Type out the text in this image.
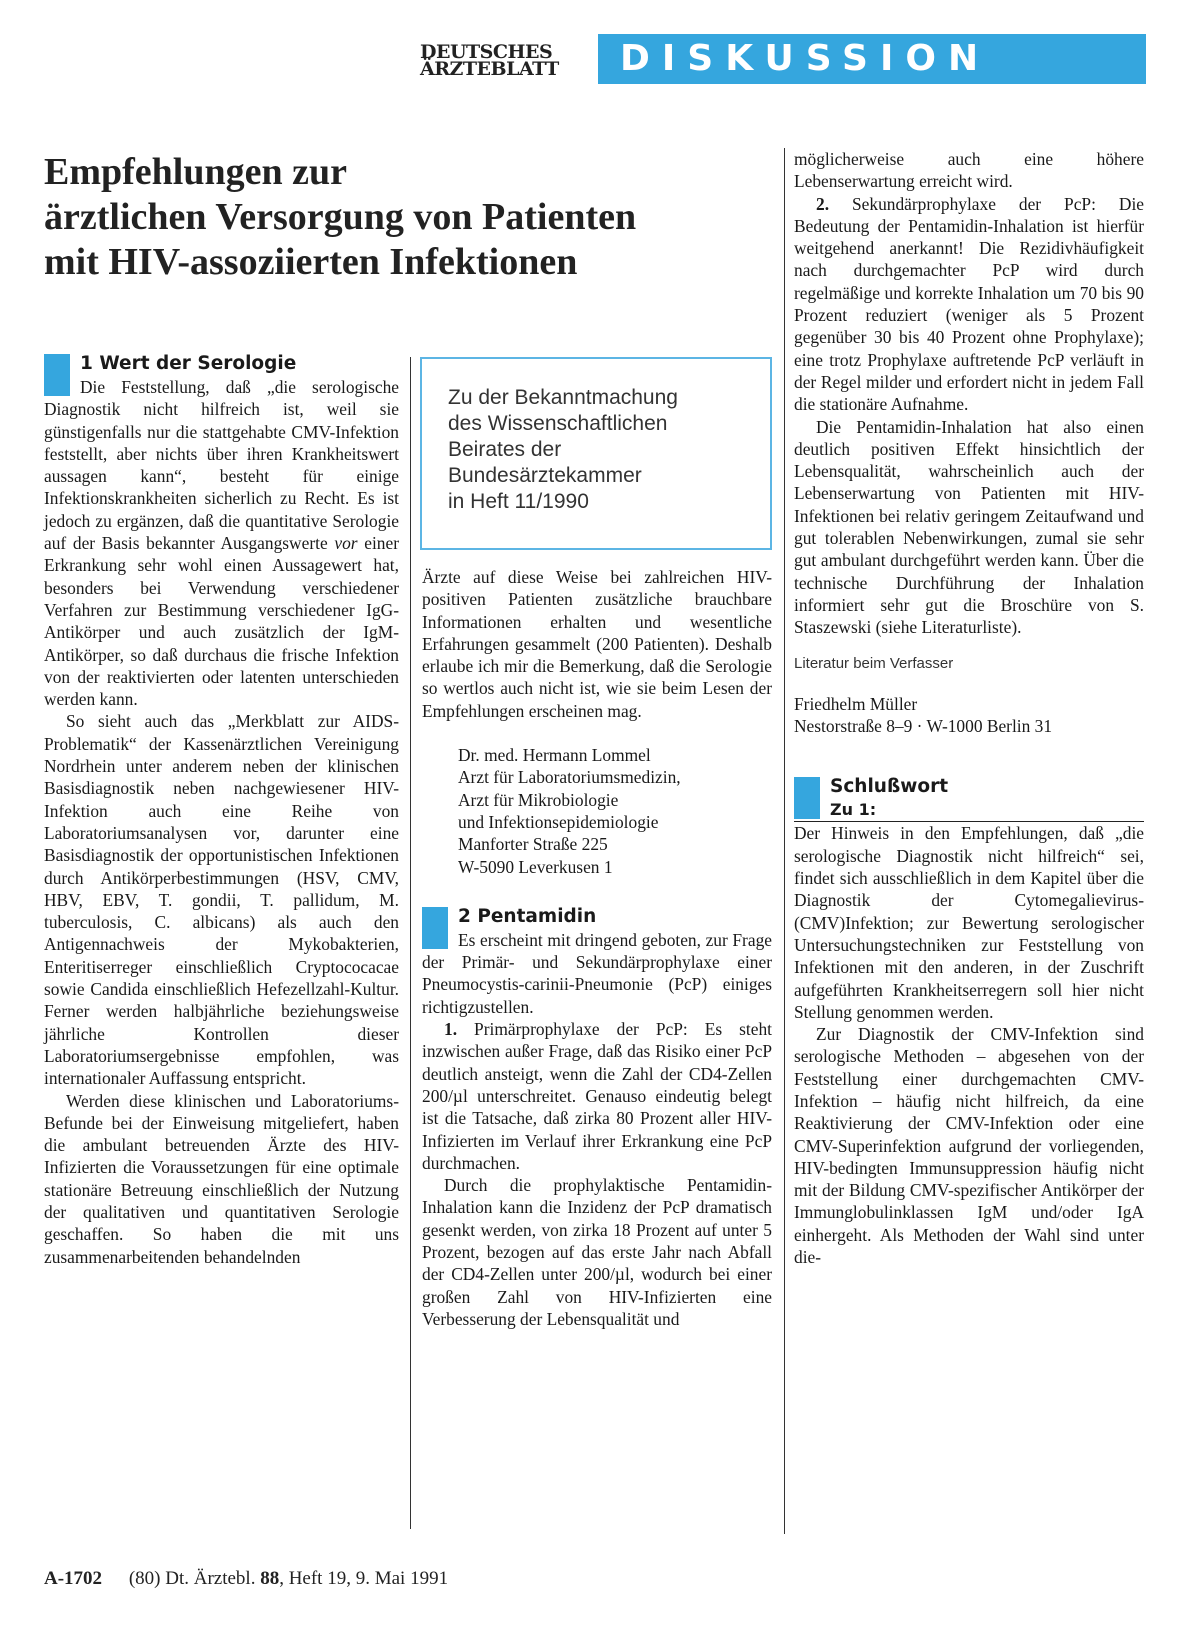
DEUTSCHES
ÄRZTEBLATT	DISKUSSION
Empfehlungen zur
ärztlichen Versorgung von Patienten
mit HIV-assoziierten Infektionen

1 Wert der Serologie

Die Feststellung, daß „die serologische Diagnostik nicht hilfreich ist, weil sie günstigenfalls nur die stattgehabte CMV-Infektion feststellt, aber nichts über ihren Krankheitswert aussagen kann“, besteht für einige Infektionskrankheiten sicherlich zu Recht. Es ist jedoch zu ergänzen, daß die quantitative Serologie auf der Basis bekannter Ausgangswerte vor einer Erkrankung sehr wohl einen Aussagewert hat, besonders bei Verwendung verschiedener Verfahren zur Bestimmung verschiedener IgG-Antikörper und auch zusätzlich der IgM-Antikörper, so daß durchaus die frische Infektion von der reaktivierten oder latenten unterschieden werden kann.

So sieht auch das „Merkblatt zur AIDS-Problematik“ der Kassenärztlichen Vereinigung Nordrhein unter anderem neben der klinischen Basisdiagnostik neben nachgewiesener HIV-Infektion auch eine Reihe von Laboratoriumsanalysen vor, darunter eine Basisdiagnostik der opportunistischen Infektionen durch Antikörperbestimmungen (HSV, CMV, HBV, EBV, T. gondii, T. pallidum, M. tuberculosis, C. albicans) als auch den Antigennachweis der Mykobakterien, Enteritiserreger einschließlich Cryptococacae sowie Candida einschließlich Hefezellzahl-Kultur. Ferner werden halbjährliche beziehungsweise jährliche Kontrollen dieser Laboratoriumsergebnisse empfohlen, was internationaler Auffassung entspricht.

Werden diese klinischen und Laboratoriums-Befunde bei der Einweisung mitgeliefert, haben die ambulant betreuenden Ärzte des HIV-Infizierten die Voraussetzungen für eine optimale stationäre Betreuung einschließlich der Nutzung der qualitativen und quantitativen Serologie geschaffen. So haben die mit uns zusammenarbeitenden behandelnden

Zu der Bekanntmachung
des Wissenschaftlichen
Beirates der
Bundesärztekammer
in Heft 11/1990

Ärzte auf diese Weise bei zahlreichen HIV-positiven Patienten zusätzliche brauchbare Informationen erhalten und wesentliche Erfahrungen gesammelt (200 Patienten). Deshalb erlaube ich mir die Bemerkung, daß die Serologie so wertlos auch nicht ist, wie sie beim Lesen der Empfehlungen erscheinen mag.

Dr. med. Hermann Lommel
Arzt für Laboratoriumsmedizin,
Arzt für Mikrobiologie
und Infektionsepidemiologie
Manforter Straße 225
W-5090 Leverkusen 1

2 Pentamidin

Es erscheint mit dringend geboten, zur Frage der Primär- und Sekundärprophylaxe einer Pneumocystis-carinii-Pneumonie (PcP) einiges richtigzustellen.

1. Primärprophylaxe der PcP: Es steht inzwischen außer Frage, daß das Risiko einer PcP deutlich ansteigt, wenn die Zahl der CD4-Zellen 200/µl unterschreitet. Genauso eindeutig belegt ist die Tatsache, daß zirka 80 Prozent aller HIV-Infizierten im Verlauf ihrer Erkrankung eine PcP durchmachen.

Durch die prophylaktische Pentamidin-Inhalation kann die Inzidenz der PcP dramatisch gesenkt werden, von zirka 18 Prozent auf unter 5 Prozent, bezogen auf das erste Jahr nach Abfall der CD4-Zellen unter 200/µl, wodurch bei einer großen Zahl von HIV-Infizierten eine Verbesserung der Lebensqualität und

möglicherweise auch eine höhere Lebenserwartung erreicht wird.

2. Sekundärprophylaxe der PcP: Die Bedeutung der Pentamidin-Inhalation ist hierfür weitgehend anerkannt! Die Rezidivhäufigkeit nach durchgemachter PcP wird durch regelmäßige und korrekte Inhalation um 70 bis 90 Prozent reduziert (weniger als 5 Prozent gegenüber 30 bis 40 Prozent ohne Prophylaxe); eine trotz Prophylaxe auftretende PcP verläuft in der Regel milder und erfordert nicht in jedem Fall die stationäre Aufnahme.

Die Pentamidin-Inhalation hat also einen deutlich positiven Effekt hinsichtlich der Lebensqualität, wahrscheinlich auch der Lebenserwartung von Patienten mit HIV-Infektionen bei relativ geringem Zeitaufwand und gut tolerablen Nebenwirkungen, zumal sie sehr gut ambulant durchgeführt werden kann. Über die technische Durchführung der Inhalation informiert sehr gut die Broschüre von S. Staszewski (siehe Literaturliste).

Literatur beim Verfasser

Friedhelm Müller
Nestorstraße 8–9 · W-1000 Berlin 31

Schlußwort

Zu 1:

Der Hinweis in den Empfehlungen, daß „die serologische Diagnostik nicht hilfreich“ sei, findet sich ausschließlich in dem Kapitel über die Diagnostik der Cytomegalievirus-(CMV)Infektion; zur Bewertung serologischer Untersuchungstechniken zur Feststellung von Infektionen mit den anderen, in der Zuschrift aufgeführten Krankheitserregern soll hier nicht Stellung genommen werden.

Zur Diagnostik der CMV-Infektion sind serologische Methoden – abgesehen von der Feststellung einer durchgemachten CMV-Infektion – häufig nicht hilfreich, da eine Reaktivierung der CMV-Infektion oder eine CMV-Superinfektion aufgrund der vorliegenden, HIV-bedingten Immunsuppression häufig nicht mit der Bildung CMV-spezifischer Antikörper der Immunglobulinklassen IgM und/oder IgA einhergeht. Als Methoden der Wahl sind unter die-

A-1702 (80) Dt. Ärztebl. 88, Heft 19, 9. Mai 1991
